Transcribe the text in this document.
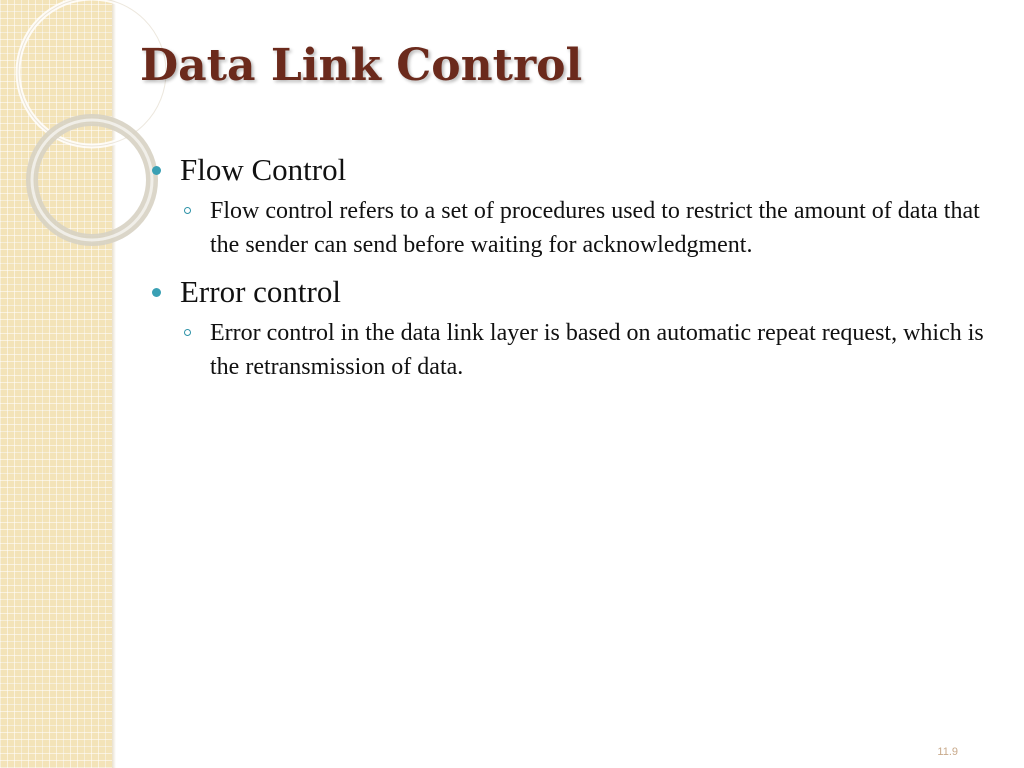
Data Link Control
Flow Control
Flow control refers to a set of procedures used to restrict the amount of data that the sender can send before waiting for acknowledgment.
Error control
Error control in the data link layer is based on automatic repeat request, which is the retransmission of data.
11.9
